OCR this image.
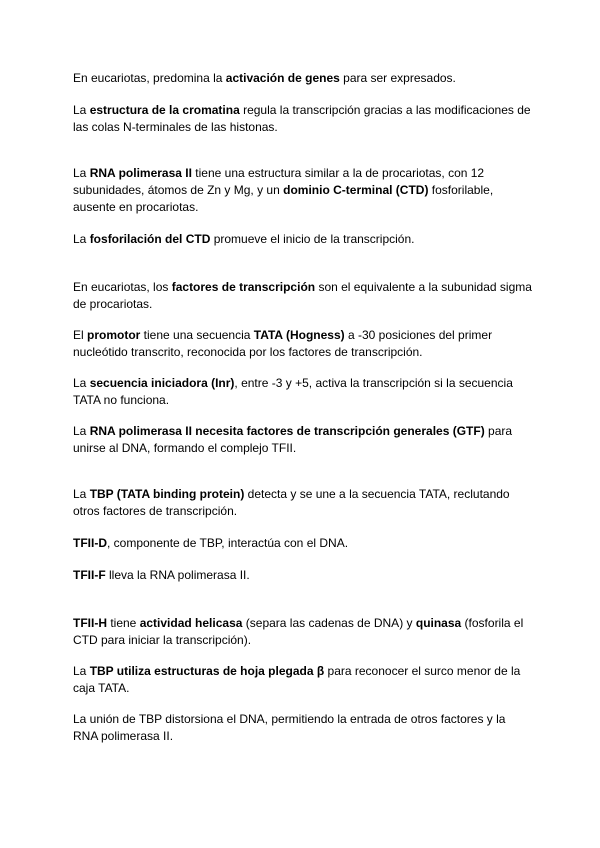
En eucariotas, predomina la activación de genes para ser expresados.
La estructura de la cromatina regula la transcripción gracias a las modificaciones de las colas N-terminales de las histonas.
La RNA polimerasa II tiene una estructura similar a la de procariotas, con 12 subunidades, átomos de Zn y Mg, y un dominio C-terminal (CTD) fosforilable, ausente en procariotas.
La fosforilación del CTD promueve el inicio de la transcripción.
En eucariotas, los factores de transcripción son el equivalente a la subunidad sigma de procariotas.
El promotor tiene una secuencia TATA (Hogness) a -30 posiciones del primer nucleótido transcrito, reconocida por los factores de transcripción.
La secuencia iniciadora (Inr), entre -3 y +5, activa la transcripción si la secuencia TATA no funciona.
La RNA polimerasa II necesita factores de transcripción generales (GTF) para unirse al DNA, formando el complejo TFII.
La TBP (TATA binding protein) detecta y se une a la secuencia TATA, reclutando otros factores de transcripción.
TFII-D, componente de TBP, interactúa con el DNA.
TFII-F lleva la RNA polimerasa II.
TFII-H tiene actividad helicasa (separa las cadenas de DNA) y quinasa (fosforila el CTD para iniciar la transcripción).
La TBP utiliza estructuras de hoja plegada β para reconocer el surco menor de la caja TATA.
La unión de TBP distorsiona el DNA, permitiendo la entrada de otros factores y la RNA polimerasa II.
